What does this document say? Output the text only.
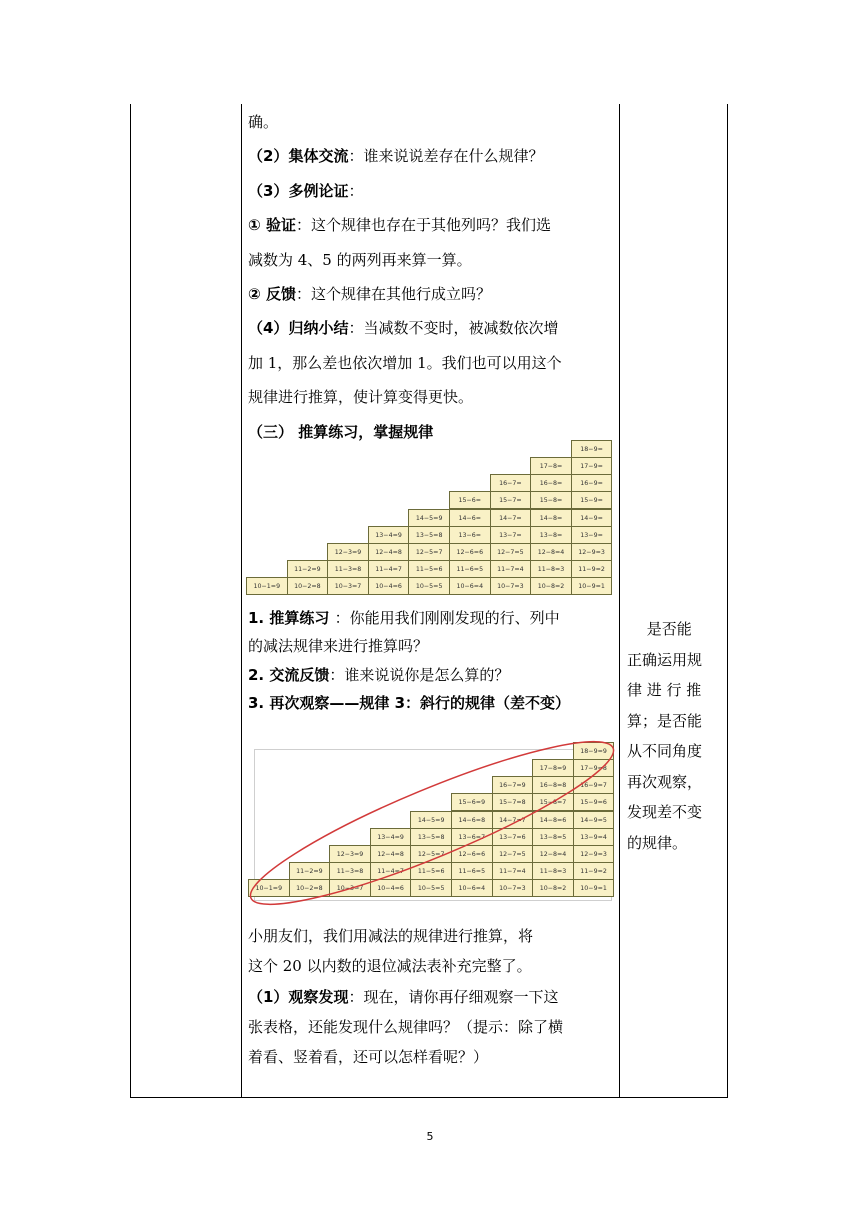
10−1=9
11−2=9
10−2=8
12−3=9
11−3=8
10−3=7
13−4=9
12−4=8
11−4=7
10−4=6
14−5=9
13−5=8
12−5=7
11−5=6
10−5=5
15−6=
14−6=
13−6=
12−6=6
11−6=5
10−6=4
16−7=
15−7=
14−7=
13−7=
12−7=5
11−7=4
10−7=3
17−8=
16−8=
15−8=
14−8=
13−8=
12−8=4
11−8=3
10−8=2
18−9=
17−9=
16−9=
15−9=
14−9=
13−9=
12−9=3
11−9=2
10−9=1
10−1=9
11−2=9
10−2=8
12−3=9
11−3=8
10−3=7
13−4=9
12−4=8
11−4=7
10−4=6
14−5=9
13−5=8
12−5=7
11−5=6
10−5=5
15−6=9
14−6=8
13−6=7
12−6=6
11−6=5
10−6=4
16−7=9
15−7=8
14−7=7
13−7=6
12−7=5
11−7=4
10−7=3
17−8=9
16−8=8
15−8=7
14−8=6
13−8=5
12−8=4
11−8=3
10−8=2
18−9=9
17−9=8
16−9=7
15−9=6
14−9=5
13−9=4
12−9=3
11−9=2
10−9=1

　 是否能

正确运用规

律 进 行 推

算；是否能

从不同角度

再次观察，

发现差不变

的规律。

5
确。
（2）集体交流：谁来说说差存在什么规律？
（3）多例论证：
① 验证：这个规律也存在于其他列吗？我们选
减数为 4、5 的两列再来算一算。
② 反馈：这个规律在其他行成立吗？
（4）归纳小结：当减数不变时，被减数依次增
加 1，那么差也依次增加 1。我们也可以用这个
规律进行推算，使计算变得更快。
（三） 推算练习，掌握规律
1. 推算练习 ：你能用我们刚刚发现的行、列中
的减法规律来进行推算吗？
2. 交流反馈：谁来说说你是怎么算的？
3. 再次观察——规律 3：斜行的规律（差不变）
小朋友们，我们用减法的规律进行推算，将
这个 20 以内数的退位减法表补充完整了。
（1）观察发现：现在，请你再仔细观察一下这
张表格，还能发现什么规律吗？（提示：除了横
着看、竖着看，还可以怎样看呢？）
